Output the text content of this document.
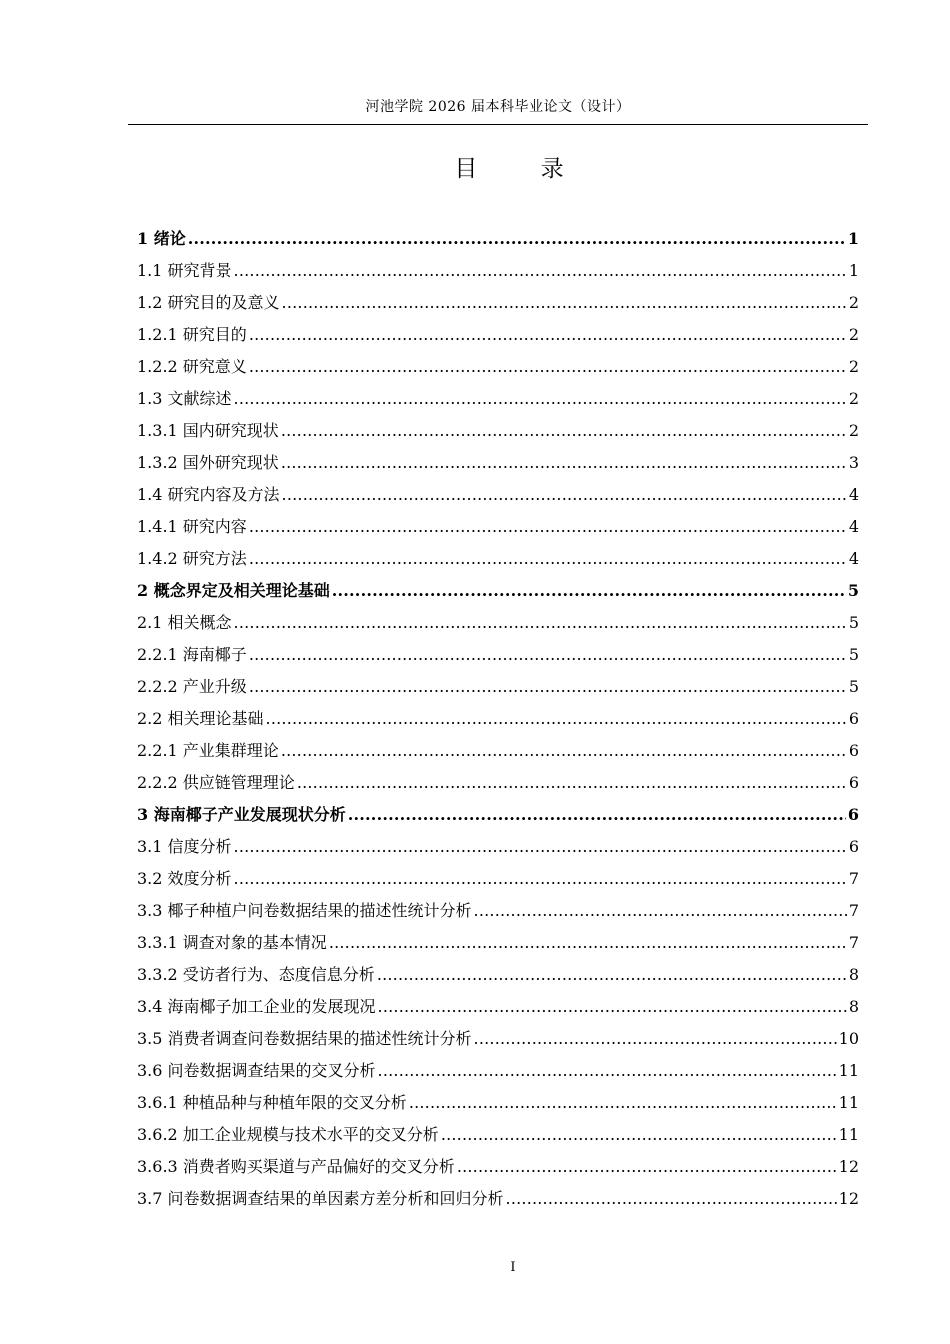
河池学院 2026 届本科毕业论文（设计）
目 录
1 绪论 .....	1
1.1 研究背景 .....	1
1.2 研究目的及意义 .....	2
1.2.1 研究目的 .....	2
1.2.2 研究意义 .....	2
1.3 文献综述 .....	2
1.3.1 国内研究现状 .....	2
1.3.2 国外研究现状 .....	3
1.4 研究内容及方法 .....	4
1.4.1 研究内容 .....	4
1.4.2 研究方法 .....	4
2 概念界定及相关理论基础 .....	5
2.1 相关概念 .....	5
2.2.1 海南椰子 .....	5
2.2.2 产业升级 .....	5
2.2 相关理论基础 .....	6
2.2.1 产业集群理论 .....	6
2.2.2 供应链管理理论 .....	6
3 海南椰子产业发展现状分析 .....	6
3.1 信度分析 .....	6
3.2 效度分析 .....	7
3.3 椰子种植户问卷数据结果的描述性统计分析 .....	7
3.3.1 调查对象的基本情况 .....	7
3.3.2 受访者行为、态度信息分析 .....	8
3.4 海南椰子加工企业的发展现况 .....	8
3.5 消费者调查问卷数据结果的描述性统计分析 .....	10
3.6 问卷数据调查结果的交叉分析 .....	11
3.6.1 种植品种与种植年限的交叉分析 .....	11
3.6.2 加工企业规模与技术水平的交叉分析 .....	11
3.6.3 消费者购买渠道与产品偏好的交叉分析 .....	12
3.7 问卷数据调查结果的单因素方差分析和回归分析 .....	12
I
